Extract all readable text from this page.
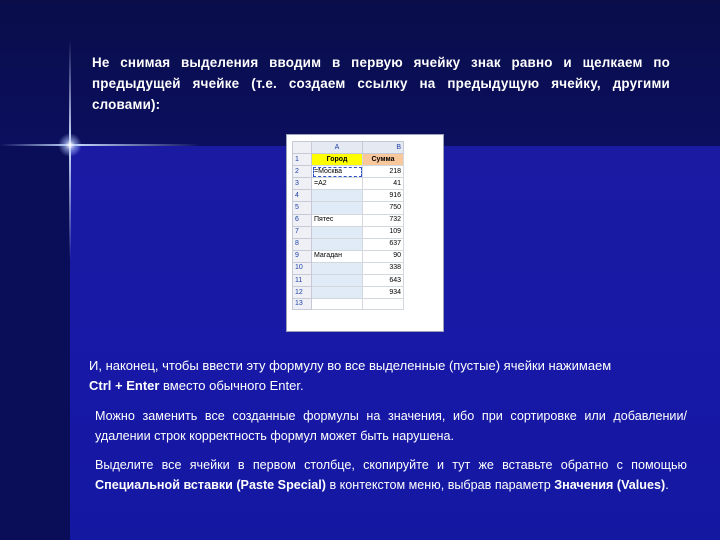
Не снимая выделения вводим в первую ячейку знак равно и щелкаем по предыдущей ячейке (т.е. создаем ссылку на предыдущую ячейку, другими словами):

	A	B
1	Город	Сумма
2	=Москва	218
3	=A2	41
4		916
5		750
6	Пятес	732
7		109
8		637
9	Магадан	90
10		338
11		643
12		934
13		

И, наконец, чтобы ввести эту формулу во все выделенные (пустые) ячейки нажимаем
Ctrl + Enter вместо обычного Enter.

Можно заменить все созданные формулы на значения, ибо при сортировке или добавлении/удалении строк корректность формул может быть нарушена.

Выделите все ячейки в первом столбце, скопируйте и тут же вставьте обратно с помощью Специальной вставки (Paste Special) в контекстом меню, выбрав параметр Значения (Values).
